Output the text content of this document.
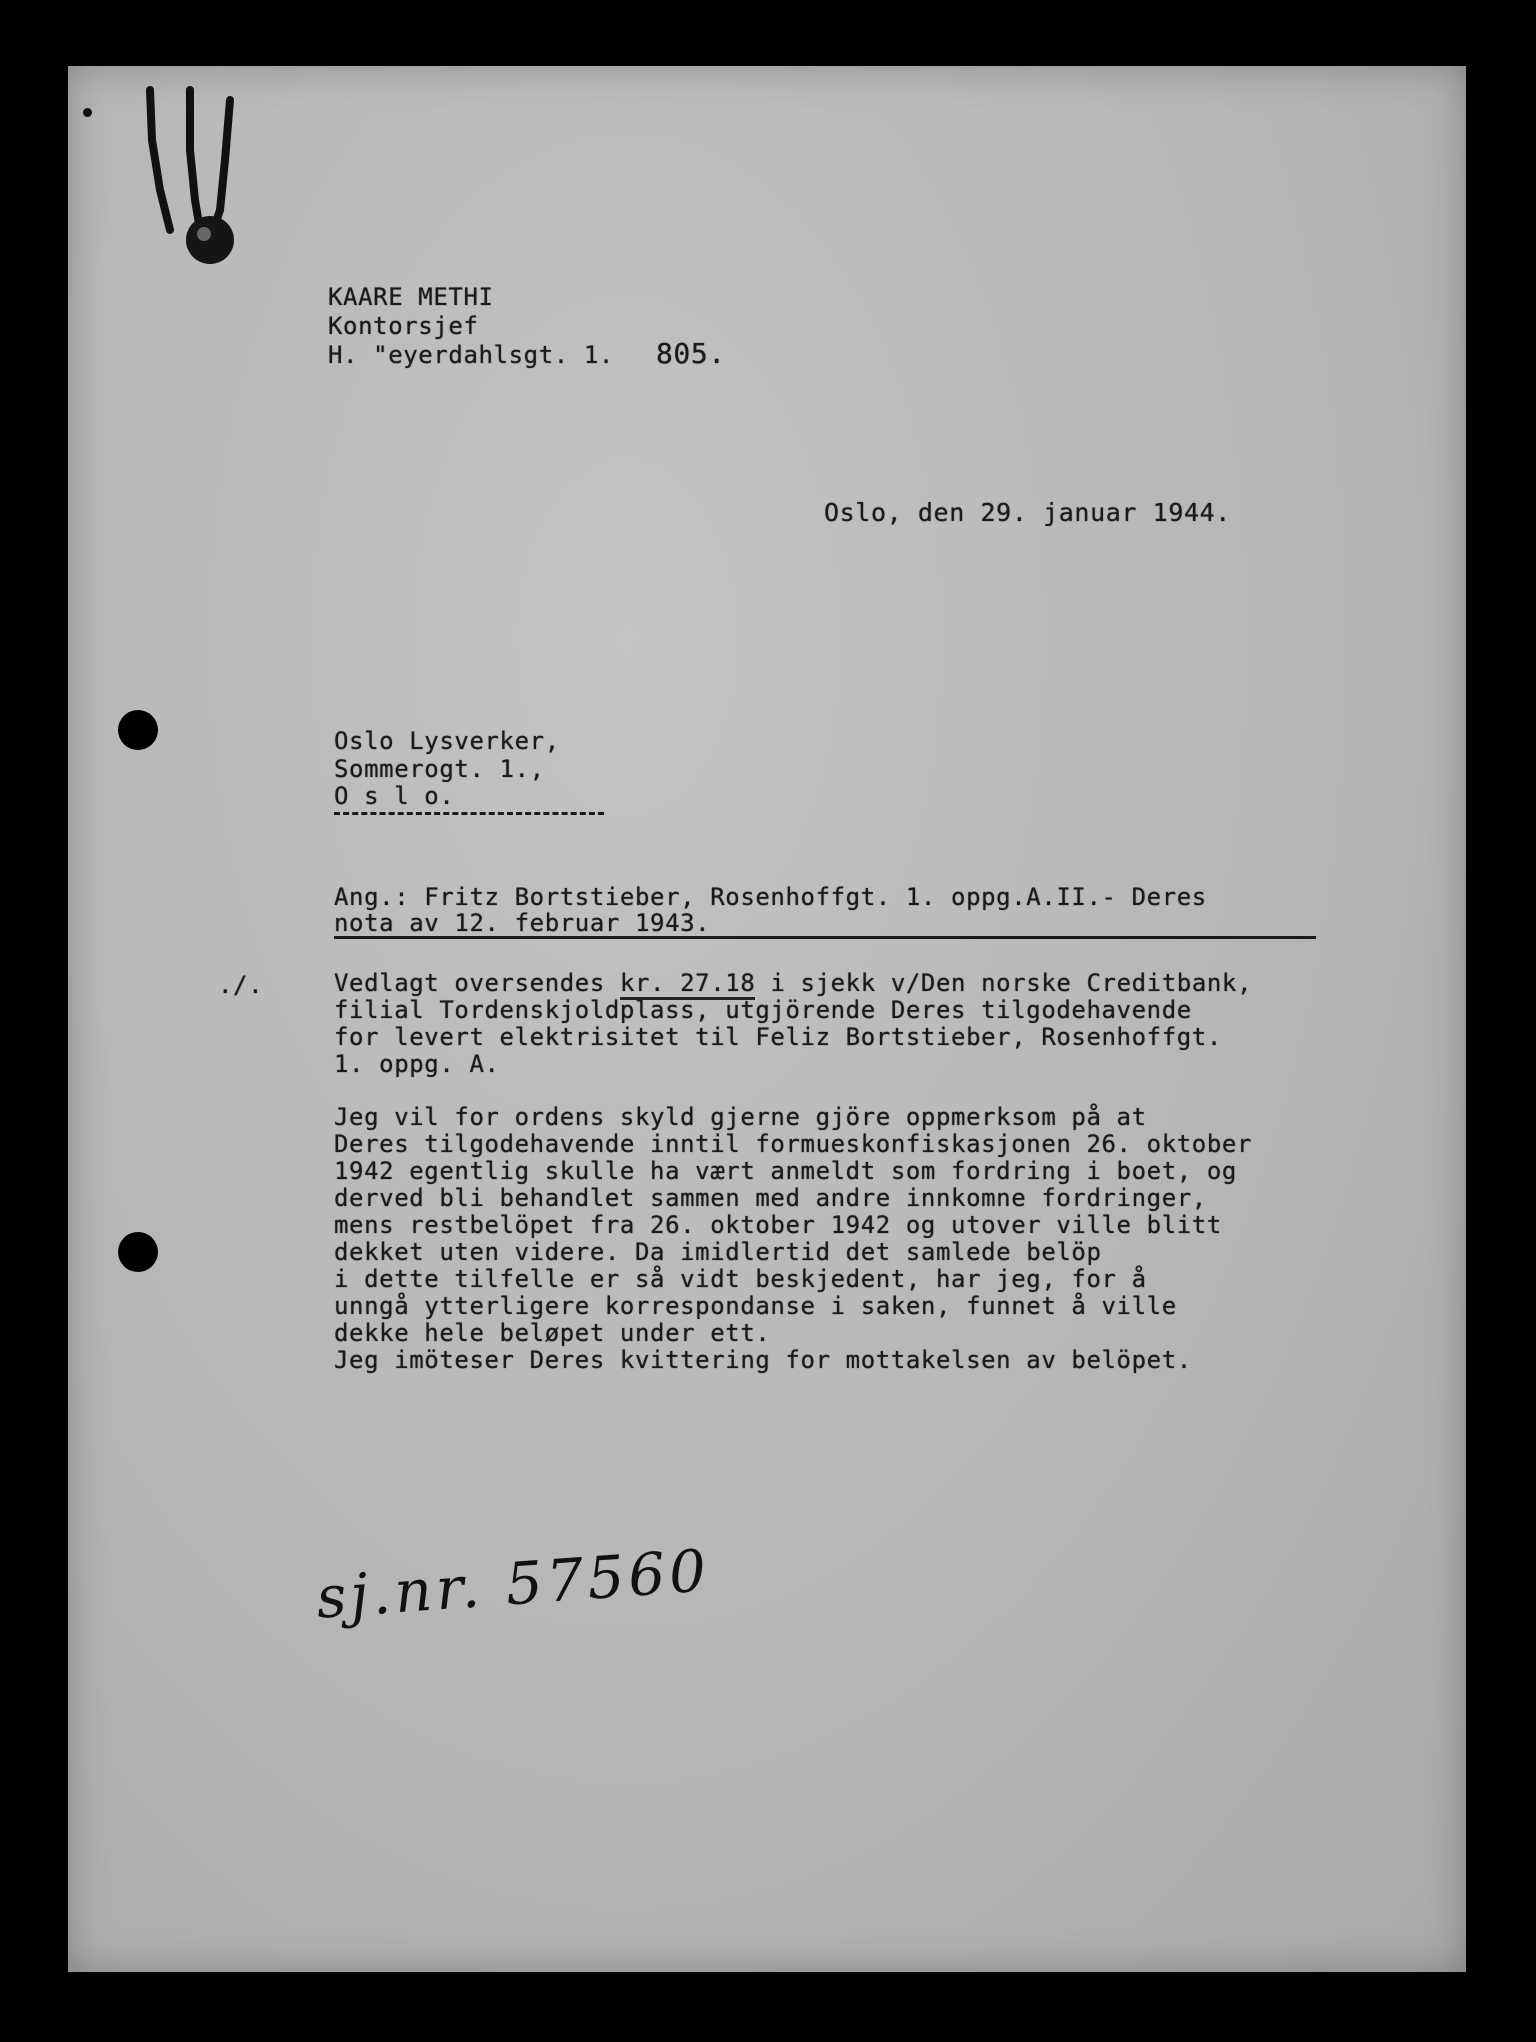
KAARE METHI
Kontorsjef
H. "eyerdahlsgt. 1. 805.
Oslo, den 29. januar 1944.
Oslo Lysverker,
Sommerogt. 1.,
O s l o.
Ang.: Fritz Bortstieber, Rosenhoffgt. 1. oppg.A.II.- Deres
nota av 12. februar 1943.
./.	Vedlagt oversendes kr. 27.18 i sjekk v/Den norske Creditbank,
filial Tordenskjoldplass, utgjörende Deres tilgodehavende
for levert elektrisitet til Feliz Bortstieber, Rosenhoffgt.
1. oppg. A.
Jeg vil for ordens skyld gjerne gjöre oppmerksom på at
Deres tilgodehavende inntil formueskonfiskasjonen 26. oktober
1942 egentlig skulle ha vært anmeldt som fordring i boet, og
derved bli behandlet sammen med andre innkomne fordringer,
mens restbelöpet fra 26. oktober 1942 og utover ville blitt
dekket uten videre. Da imidlertid det samlede belöp
i dette tilfelle er så vidt beskjedent, har jeg, for å
unngå ytterligere korrespondanse i saken, funnet å ville
dekke hele beløpet under ett.
Jeg imöteser Deres kvittering for mottakelsen av belöpet.
sj.nr. 57560
